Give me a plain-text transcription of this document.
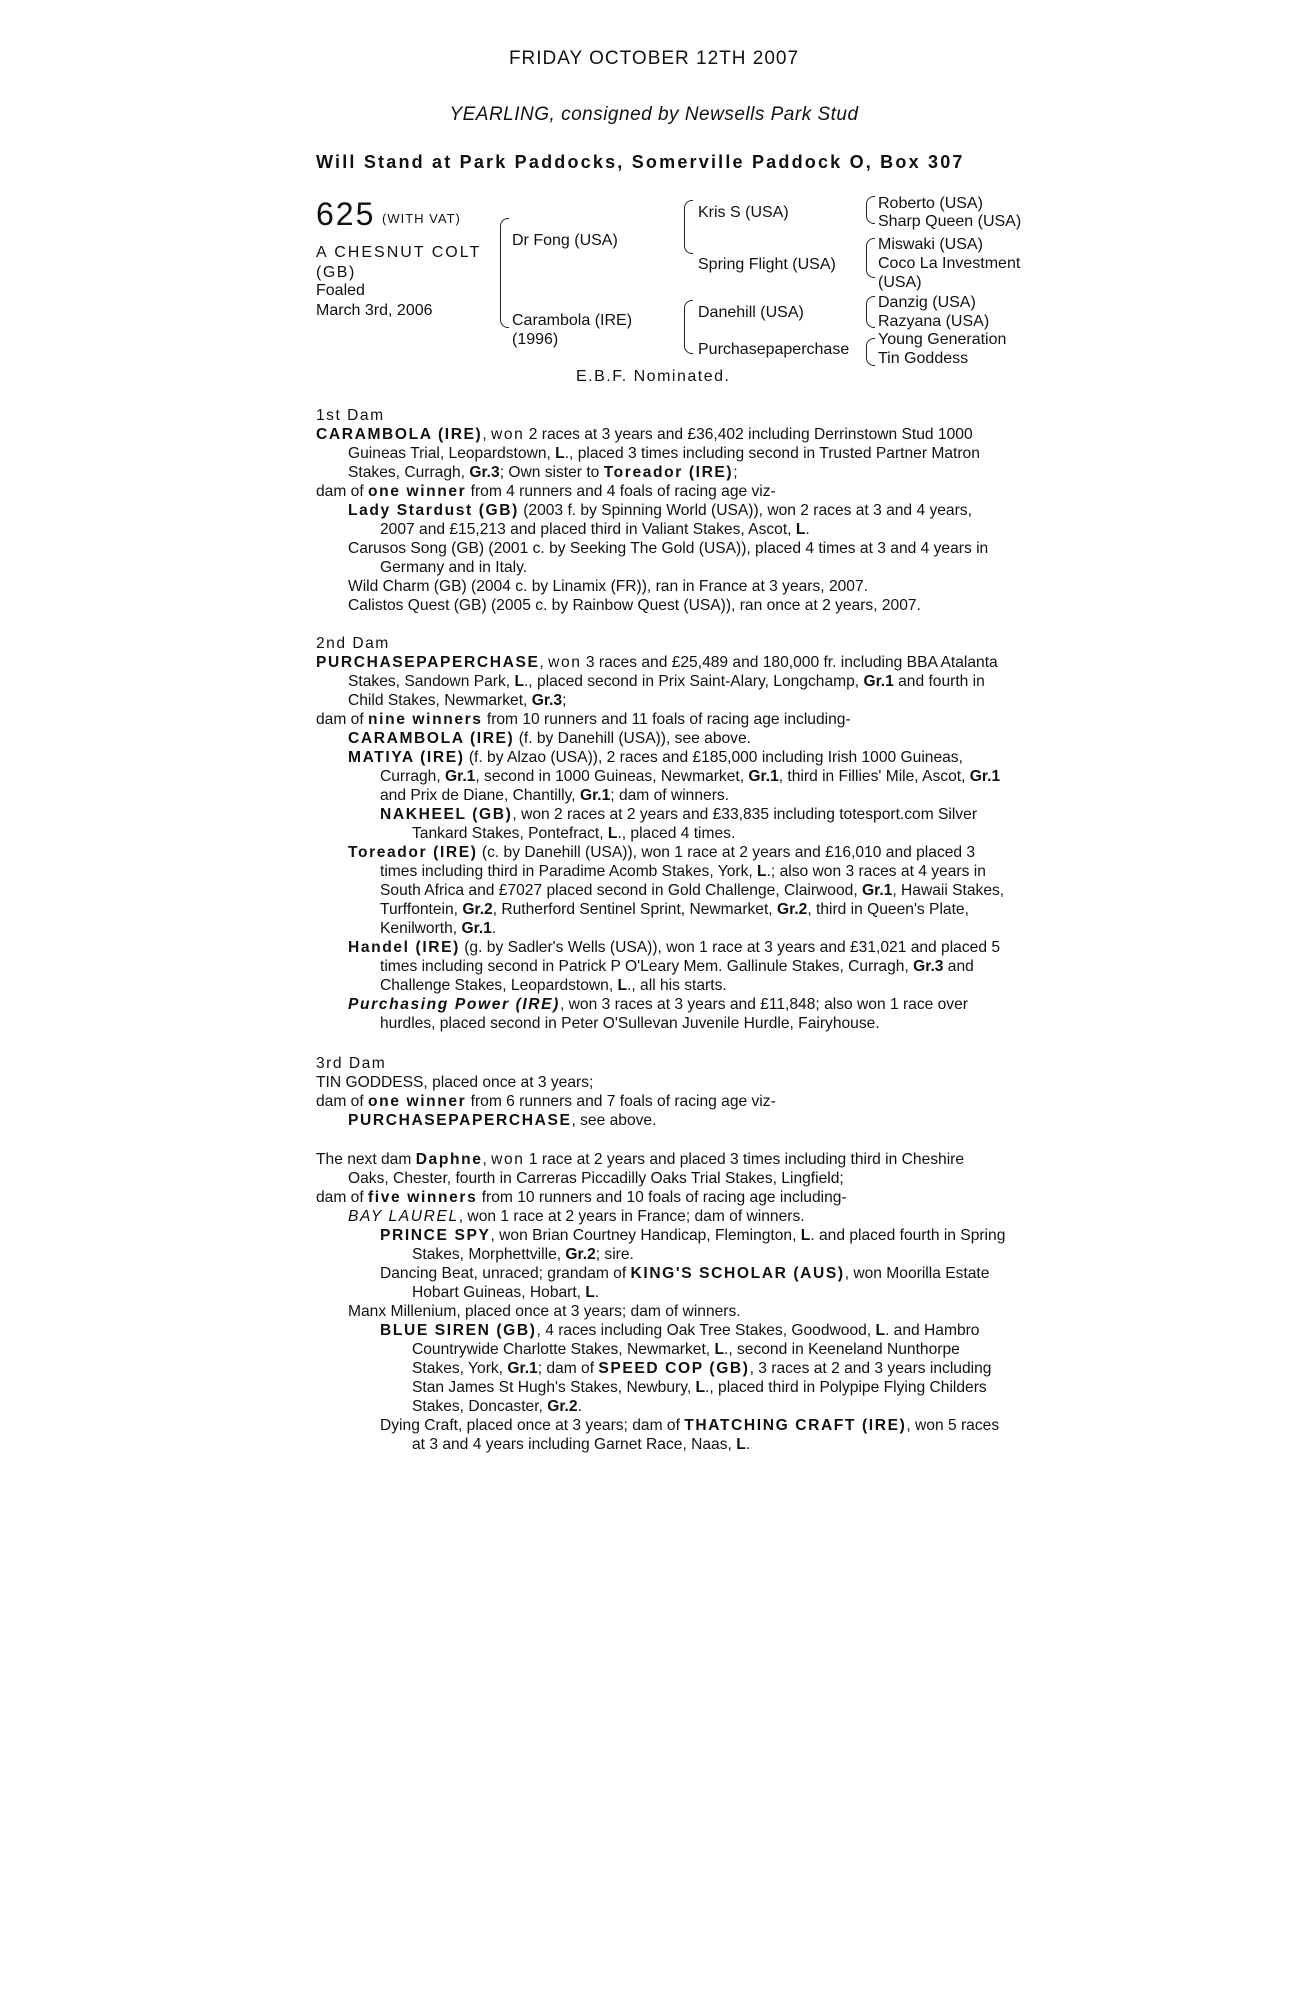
FRIDAY OCTOBER 12TH 2007
YEARLING, consigned by Newsells Park Stud
Will Stand at Park Paddocks, Somerville Paddock O, Box 307
625 (WITH VAT)
A CHESNUT COLT
(GB)
Foaled
March 3rd, 2006
Dr Fong (USA)
Carambola (IRE)
(1996)
Kris S (USA)
Spring Flight (USA)
Danehill (USA)
Purchasepaperchase
Roberto (USA)
Sharp Queen (USA)
Miswaki (USA)
Coco La Investment
(USA)
Danzig (USA)
Razyana (USA)
Young Generation
Tin Goddess
E.B.F. Nominated.
1st Dam
CARAMBOLA (IRE), won 2 races at 3 years and £36,402 including Derrinstown Stud 1000 Guineas Trial, Leopardstown, L., placed 3 times including second in Trusted Partner Matron Stakes, Curragh, Gr.3; Own sister to Toreador (IRE);
dam of one winner from 4 runners and 4 foals of racing age viz-
Lady Stardust (GB) (2003 f. by Spinning World (USA)), won 2 races at 3 and 4 years, 2007 and £15,213 and placed third in Valiant Stakes, Ascot, L.
Carusos Song (GB) (2001 c. by Seeking The Gold (USA)), placed 4 times at 3 and 4 years in Germany and in Italy.
Wild Charm (GB) (2004 c. by Linamix (FR)), ran in France at 3 years, 2007.
Calistos Quest (GB) (2005 c. by Rainbow Quest (USA)), ran once at 2 years, 2007.
2nd Dam
PURCHASEPAPERCHASE, won 3 races and £25,489 and 180,000 fr. including BBA Atalanta Stakes, Sandown Park, L., placed second in Prix Saint-Alary, Longchamp, Gr.1 and fourth in Child Stakes, Newmarket, Gr.3;
dam of nine winners from 10 runners and 11 foals of racing age including-
CARAMBOLA (IRE) (f. by Danehill (USA)), see above.
MATIYA (IRE) (f. by Alzao (USA)), 2 races and £185,000 including Irish 1000 Guineas, Curragh, Gr.1, second in 1000 Guineas, Newmarket, Gr.1, third in Fillies' Mile, Ascot, Gr.1 and Prix de Diane, Chantilly, Gr.1; dam of winners.
NAKHEEL (GB), won 2 races at 2 years and £33,835 including totesport.com Silver Tankard Stakes, Pontefract, L., placed 4 times.
Toreador (IRE) (c. by Danehill (USA)), won 1 race at 2 years and £16,010 and placed 3 times including third in Paradime Acomb Stakes, York, L.; also won 3 races at 4 years in South Africa and £7027 placed second in Gold Challenge, Clairwood, Gr.1, Hawaii Stakes, Turffontein, Gr.2, Rutherford Sentinel Sprint, Newmarket, Gr.2, third in Queen's Plate, Kenilworth, Gr.1.
Handel (IRE) (g. by Sadler's Wells (USA)), won 1 race at 3 years and £31,021 and placed 5 times including second in Patrick P O'Leary Mem. Gallinule Stakes, Curragh, Gr.3 and Challenge Stakes, Leopardstown, L., all his starts.
Purchasing Power (IRE), won 3 races at 3 years and £11,848; also won 1 race over hurdles, placed second in Peter O'Sullevan Juvenile Hurdle, Fairyhouse.
3rd Dam
TIN GODDESS, placed once at 3 years;
dam of one winner from 6 runners and 7 foals of racing age viz-
PURCHASEPAPERCHASE, see above.
The next dam Daphne, won 1 race at 2 years and placed 3 times including third in Cheshire Oaks, Chester, fourth in Carreras Piccadilly Oaks Trial Stakes, Lingfield;
dam of five winners from 10 runners and 10 foals of racing age including-
BAY LAUREL, won 1 race at 2 years in France; dam of winners.
PRINCE SPY, won Brian Courtney Handicap, Flemington, L. and placed fourth in Spring Stakes, Morphettville, Gr.2; sire.
Dancing Beat, unraced; grandam of KING'S SCHOLAR (AUS), won Moorilla Estate Hobart Guineas, Hobart, L.
Manx Millenium, placed once at 3 years; dam of winners.
BLUE SIREN (GB), 4 races including Oak Tree Stakes, Goodwood, L. and Hambro Countrywide Charlotte Stakes, Newmarket, L., second in Keeneland Nunthorpe Stakes, York, Gr.1; dam of SPEED COP (GB), 3 races at 2 and 3 years including Stan James St Hugh's Stakes, Newbury, L., placed third in Polypipe Flying Childers Stakes, Doncaster, Gr.2.
Dying Craft, placed once at 3 years; dam of THATCHING CRAFT (IRE), won 5 races at 3 and 4 years including Garnet Race, Naas, L.
